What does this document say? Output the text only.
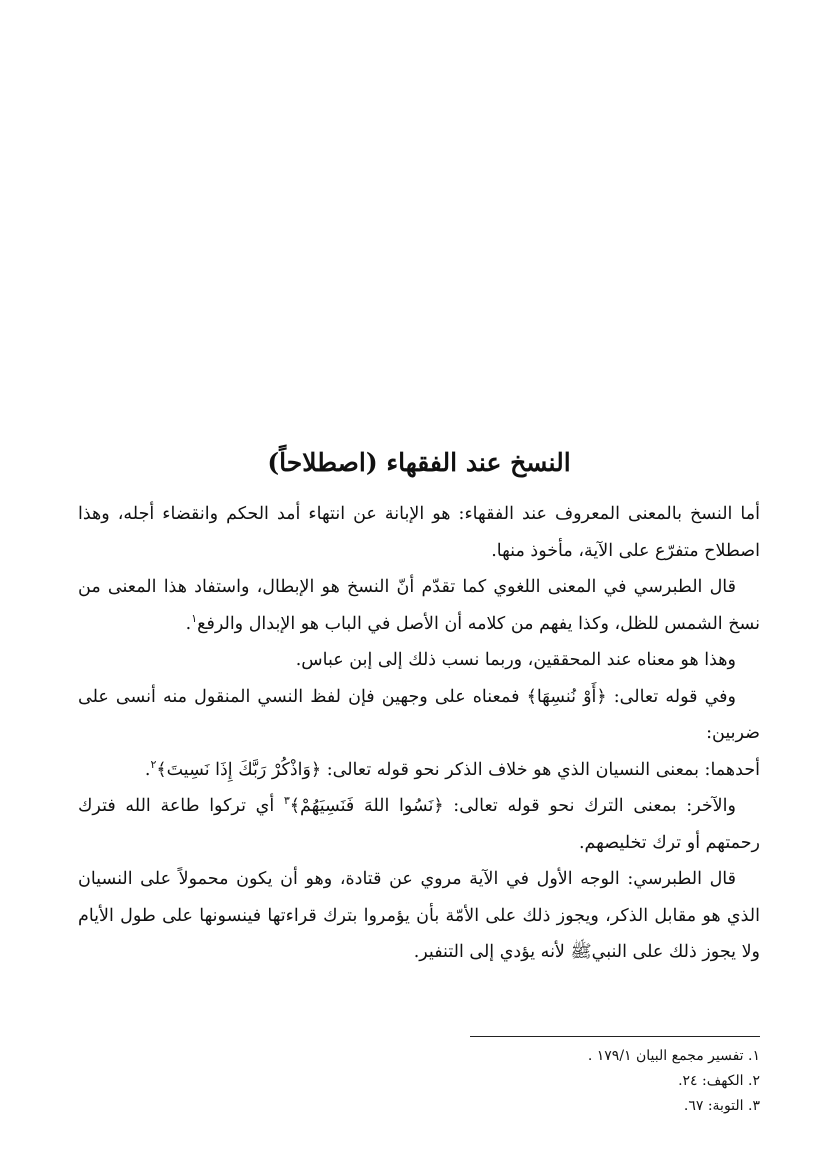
النسخ عند الفقهاء (اصطلاحاً)

أما النسخ بالمعنى المعروف عند الفقهاء: هو الإبانة عن انتهاء أمد الحكم وانقضاء أجله، وهذا اصطلاح متفرّع على الآية، مأخوذ منها.

قال الطبرسي في المعنى اللغوي كما تقدّم أنّ النسخ هو الإبطال، واستفاد هذا المعنى من نسخ الشمس للظل، وكذا يفهم من كلامه أن الأصل في الباب هو الإبدال والرفع$^١$.

وهذا هو معناه عند المحققين، وربما نسب ذلك إلى إبن عباس.

وفي قوله تعالى: ﴿أَوْ نُنسِهَا﴾ فمعناه على وجهين فإن لفظ النسي المنقول منه أنسى على ضربين:

أحدهما: بمعنى النسيان الذي هو خلاف الذكر نحو قوله تعالى: ﴿وَاذْكُرْ رَبَّكَ إِذَا نَسِيتَ﴾$^٢$.

والآخر: بمعنى الترك نحو قوله تعالى: ﴿نَسُوا اللهَ فَنَسِيَهُمْ﴾$^٣$ أي تركوا طاعة الله فترك رحمتهم أو ترك تخليصهم.

قال الطبرسي: الوجه الأول في الآية مروي عن قتادة، وهو أن يكون محمولاً على النسيان الذي هو مقابل الذكر، ويجوز ذلك على الأمّة بأن يؤمروا بترك قراءتها فينسونها على طول الأيام ولا يجوز ذلك على النبيﷺ لأنه يؤدي إلى التنفير.

١. تفسير مجمع البيان ١٧٩/١ .

٢. الكهف: ٢٤.

٣. التوبة: ٦٧.
